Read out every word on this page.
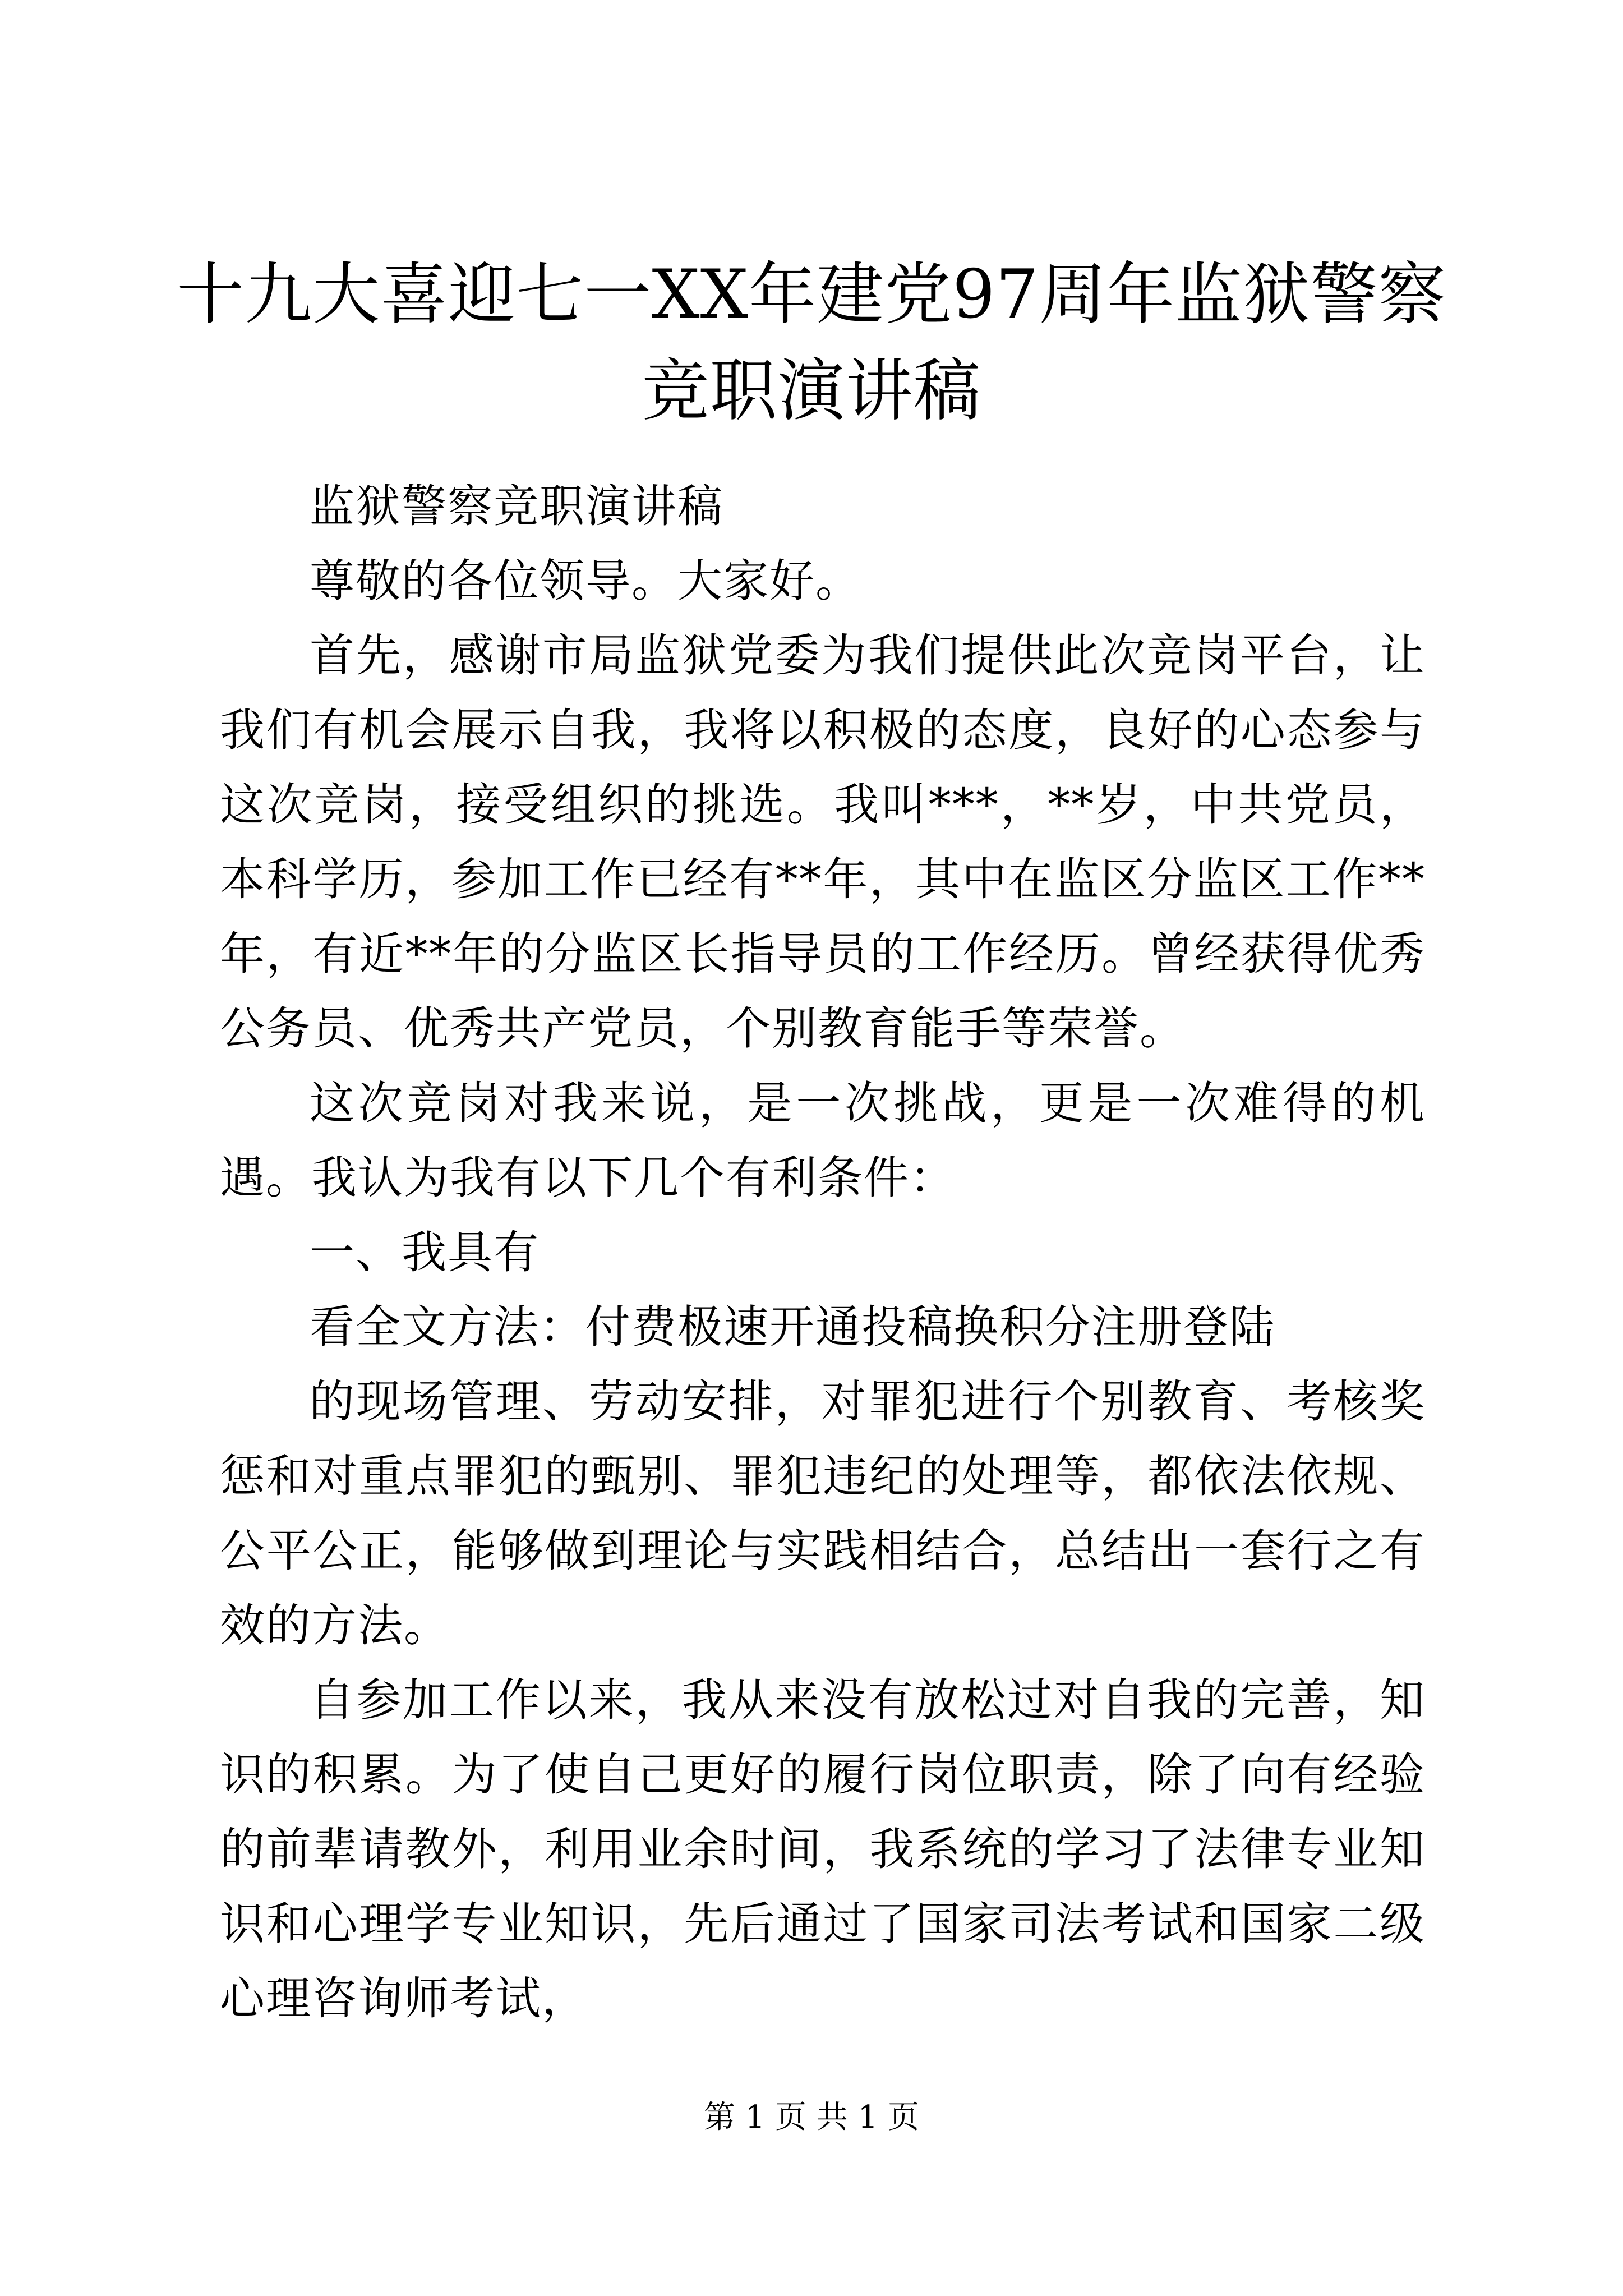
十九大喜迎七一XX年建党97周年监狱警察竞职演讲稿

监狱警察竞职演讲稿

尊敬的各位领导。大家好。

首先，感谢市局监狱党委为我们提供此次竞岗平台，让我们有机会展示自我，我将以积极的态度，良好的心态参与这次竞岗，接受组织的挑选。我叫***，**岁，中共党员，本科学历，参加工作已经有**年，其中在监区分监区工作**年，有近**年的分监区长指导员的工作经历。曾经获得优秀公务员、优秀共产党员，个别教育能手等荣誉。

这次竞岗对我来说，是一次挑战，更是一次难得的机遇。我认为我有以下几个有利条件：

一、我具有

看全文方法：付费极速开通投稿换积分注册登陆

的现场管理、劳动安排，对罪犯进行个别教育、考核奖惩和对重点罪犯的甄别、罪犯违纪的处理等，都依法依规、公平公正，能够做到理论与实践相结合，总结出一套行之有效的方法。

自参加工作以来，我从来没有放松过对自我的完善，知识的积累。为了使自己更好的履行岗位职责，除了向有经验的前辈请教外，利用业余时间，我系统的学习了法律专业知识和心理学专业知识，先后通过了国家司法考试和国家二级心理咨询师考试，

第 1 页 共 1 页
